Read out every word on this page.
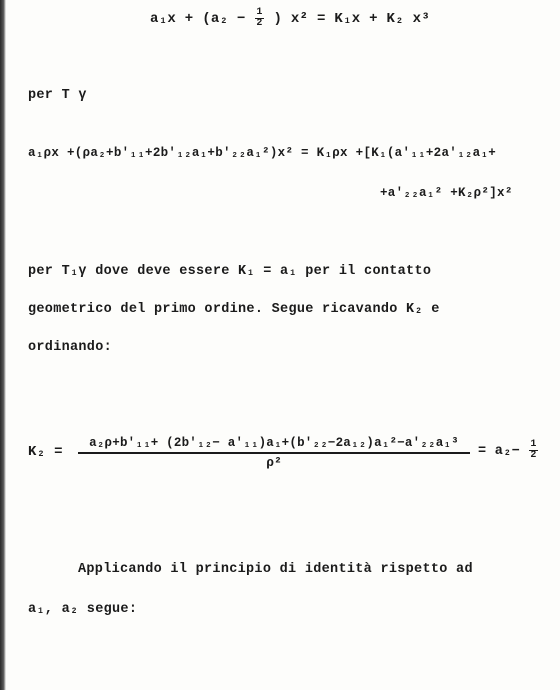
$a_1x + (a_2 - \frac{1}{2}$ ) x² = K₁x + K₂ x³
per T γ
a₁ρx +(ρa₂+b'₁₁+2b'₁₂a₁+b'₂₂a₁²)x² = K₁ρx +[K₁(a'₁₁+2a'₁₂a₁+
+a'₂₂a₁² +K₂ρ²]x²
per T₁γ dove deve essere K₁ = a₁ per il contatto
geometrico del primo ordine. Segue ricavando K₂ e
ordinando:
K₂ =
a₂ρ+b'₁₁+ (2b'₁₂− a'₁₁)a₁+(b'₂₂−2a₁₂)a₁²−a'₂₂a₁³
ρ²
= $a_2- \frac{1}{2}$
Applicando il principio di identità rispetto ad
a₁, a₂ segue:
